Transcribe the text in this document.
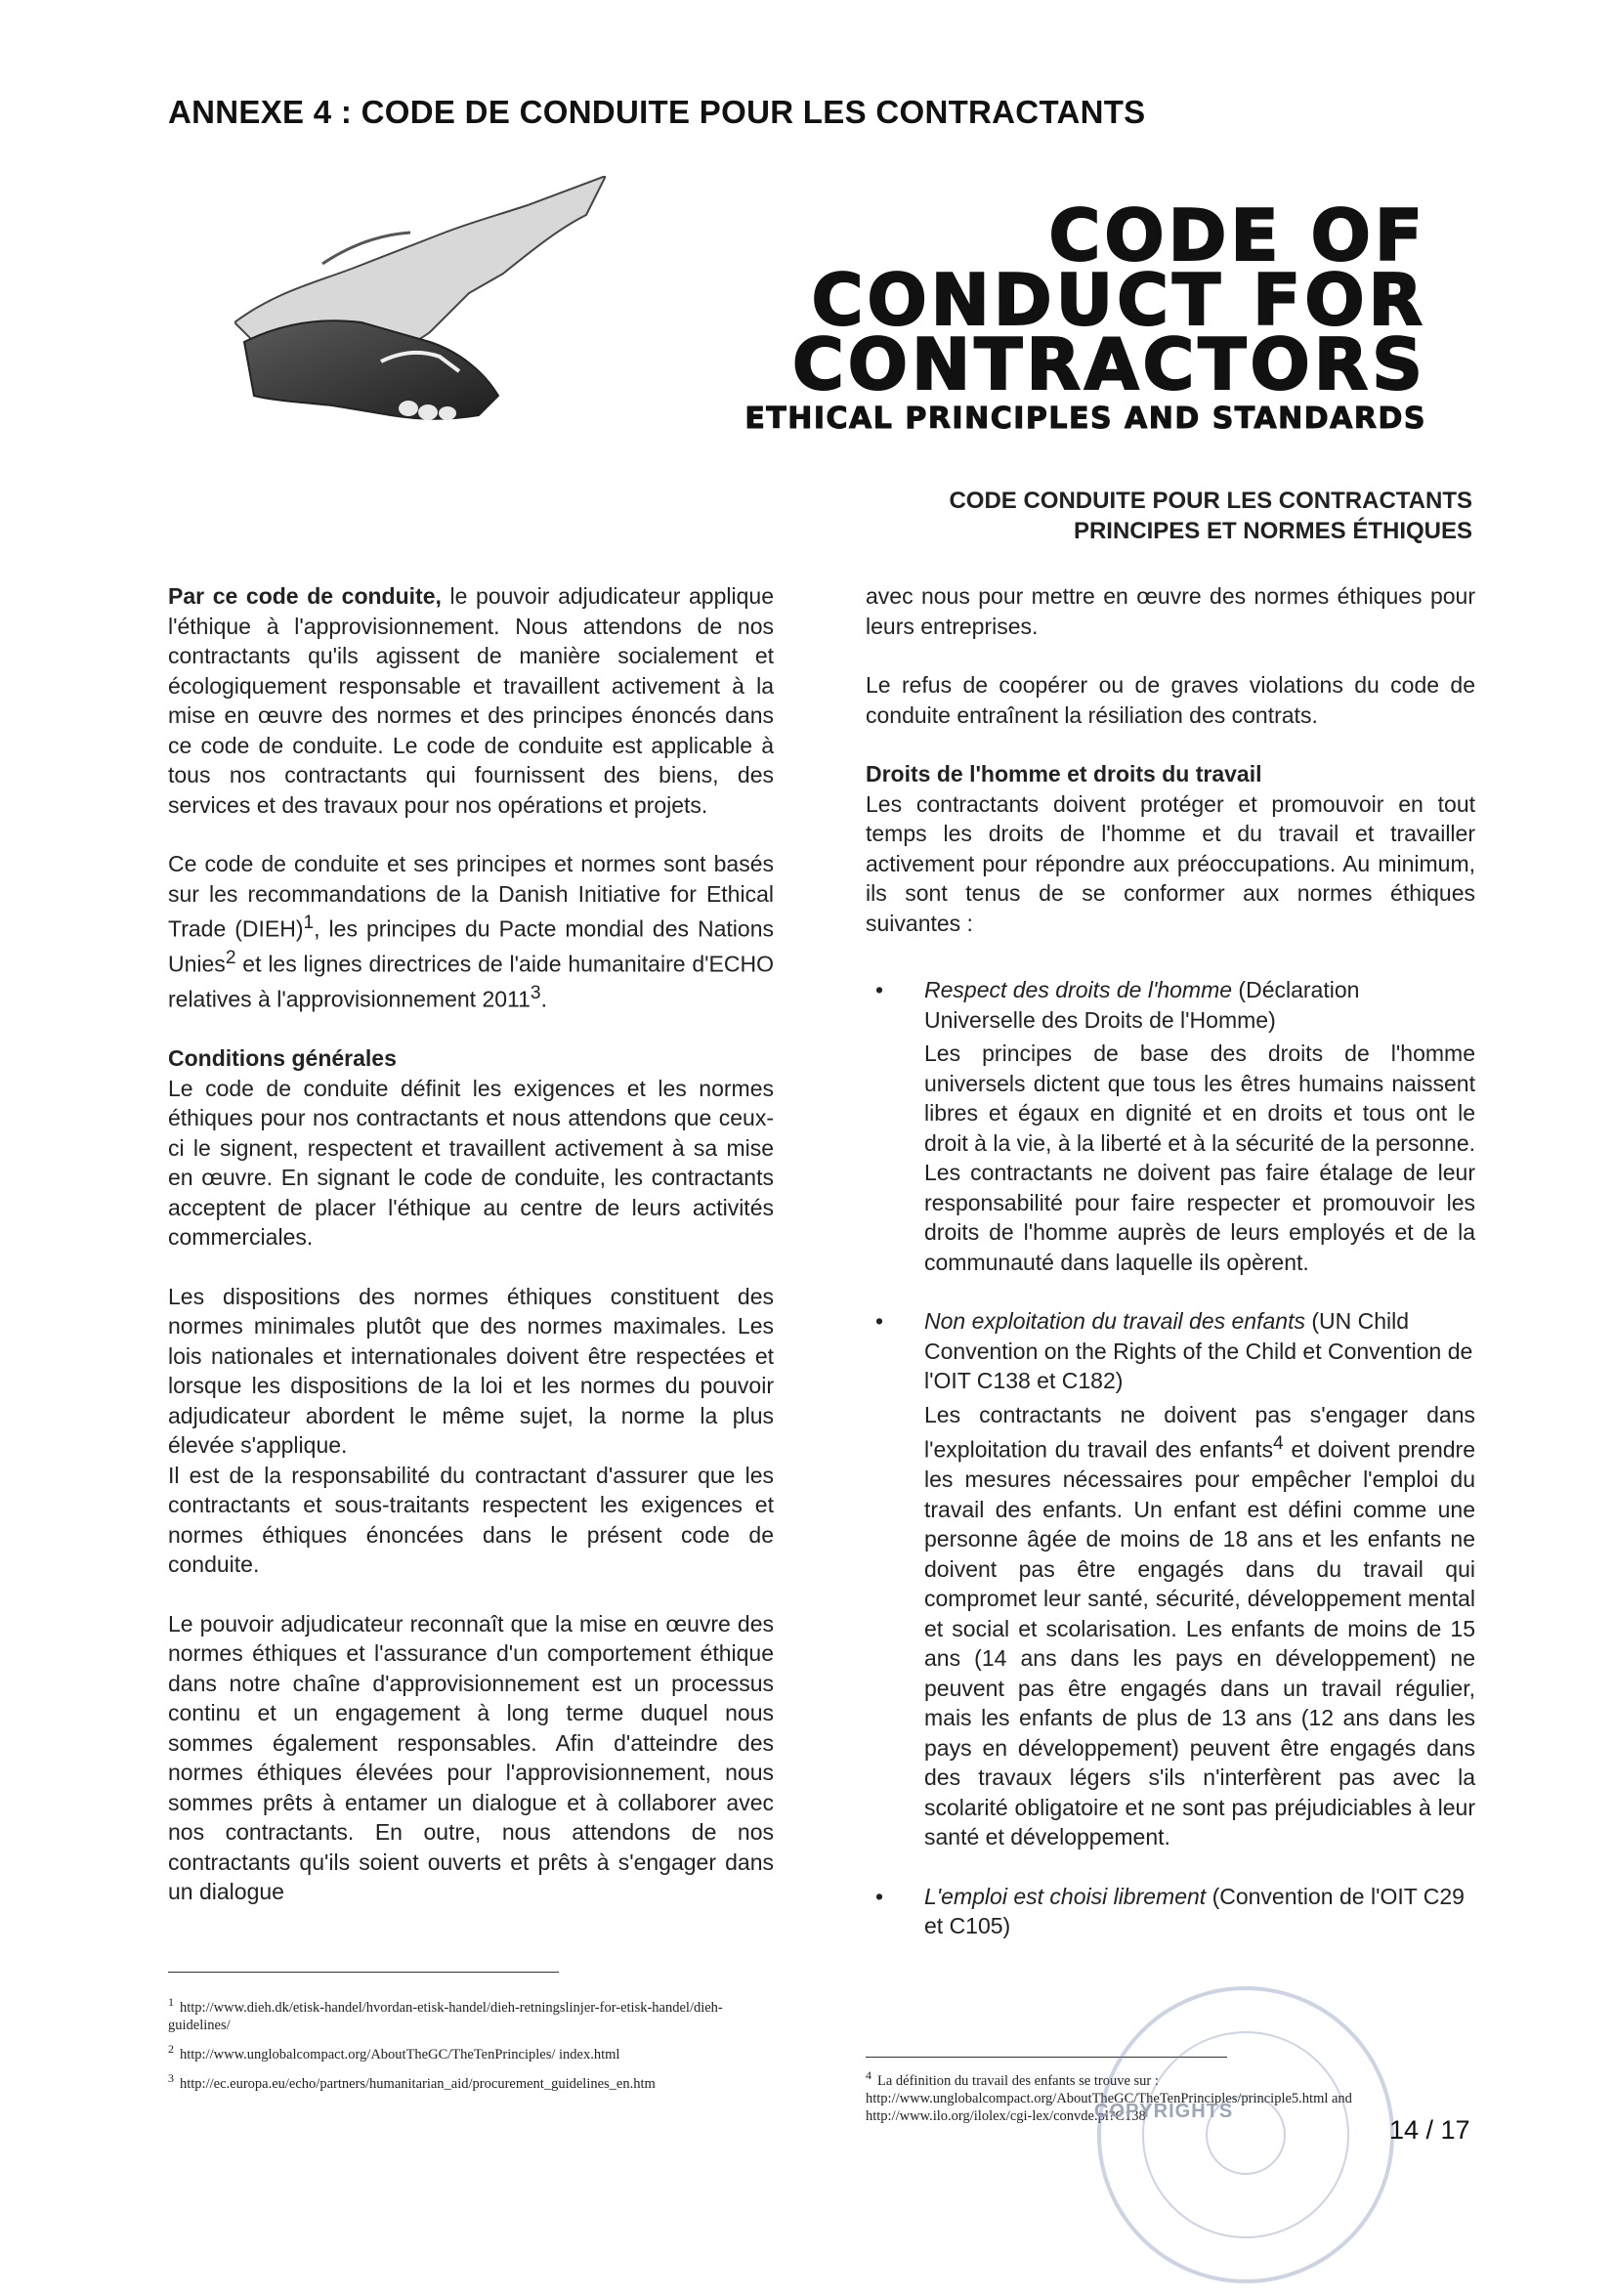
ANNEXE 4 : CODE DE CONDUITE POUR LES CONTRACTANTS
CODE OF
CONDUCT FOR
CONTRACTORS
ETHICAL PRINCIPLES AND STANDARDS
CODE CONDUITE POUR LES CONTRACTANTS
PRINCIPES ET NORMES ÉTHIQUES

Par ce code de conduite, le pouvoir adjudicateur applique l'éthique à l'approvisionnement. Nous attendons de nos contractants qu'ils agissent de manière socialement et écologiquement responsable et travaillent activement à la mise en œuvre des normes et des principes énoncés dans ce code de conduite. Le code de conduite est applicable à tous nos contractants qui fournissent des biens, des services et des travaux pour nos opérations et projets.

Ce code de conduite et ses principes et normes sont basés sur les recommandations de la Danish Initiative for Ethical Trade (DIEH)$^1$, les principes du Pacte mondial des Nations Unies$^2$ et les lignes directrices de l'aide humanitaire d'ECHO relatives à l'approvisionnement 2011$^3$.

Conditions générales

Le code de conduite définit les exigences et les normes éthiques pour nos contractants et nous attendons que ceux-ci le signent, respectent et travaillent activement à sa mise en œuvre. En signant le code de conduite, les contractants acceptent de placer l'éthique au centre de leurs activités commerciales.

Les dispositions des normes éthiques constituent des normes minimales plutôt que des normes maximales. Les lois nationales et internationales doivent être respectées et lorsque les dispositions de la loi et les normes du pouvoir adjudicateur abordent le même sujet, la norme la plus élevée s'applique.

Il est de la responsabilité du contractant d'assurer que les contractants et sous-traitants respectent les exigences et normes éthiques énoncées dans le présent code de conduite.

Le pouvoir adjudicateur reconnaît que la mise en œuvre des normes éthiques et l'assurance d'un comportement éthique dans notre chaîne d'approvisionnement est un processus continu et un engagement à long terme duquel nous sommes également responsables. Afin d'atteindre des normes éthiques élevées pour l'approvisionnement, nous sommes prêts à entamer un dialogue et à collaborer avec nos contractants. En outre, nous attendons de nos contractants qu'ils soient ouverts et prêts à s'engager dans un dialogue

avec nous pour mettre en œuvre des normes éthiques pour leurs entreprises.

Le refus de coopérer ou de graves violations du code de conduite entraînent la résiliation des contrats.

Droits de l'homme et droits du travail

Les contractants doivent protéger et promouvoir en tout temps les droits de l'homme et du travail et travailler activement pour répondre aux préoccupations. Au minimum, ils sont tenus de se conformer aux normes éthiques suivantes :

• Respect des droits de l'homme (Déclaration Universelle des Droits de l'Homme)
Les principes de base des droits de l'homme universels dictent que tous les êtres humains naissent libres et égaux en dignité et en droits et tous ont le droit à la vie, à la liberté et à la sécurité de la personne. Les contractants ne doivent pas faire étalage de leur responsabilité pour faire respecter et promouvoir les droits de l'homme auprès de leurs employés et de la communauté dans laquelle ils opèrent.
• Non exploitation du travail des enfants (UN Child Convention on the Rights of the Child et Convention de l'OIT C138 et C182)
Les contractants ne doivent pas s'engager dans l'exploitation du travail des enfants$^4$ et doivent prendre les mesures nécessaires pour empêcher l'emploi du travail des enfants. Un enfant est défini comme une personne âgée de moins de 18 ans et les enfants ne doivent pas être engagés dans du travail qui compromet leur santé, sécurité, développement mental et social et scolarisation. Les enfants de moins de 15 ans (14 ans dans les pays en développement) ne peuvent pas être engagés dans un travail régulier, mais les enfants de plus de 13 ans (12 ans dans les pays en développement) peuvent être engagés dans des travaux légers s'ils n'interfèrent pas avec la scolarité obligatoire et ne sont pas préjudiciables à leur santé et développement.
• L'emploi est choisi librement (Convention de l'OIT C29 et C105)
$^1$ http://www.dieh.dk/etisk-handel/hvordan-etisk-handel/dieh-retningslinjer-for-etisk-handel/dieh-guidelines/
$^2$ http://www.unglobalcompact.org/AboutTheGC/TheTenPrinciples/ index.html
$^3$ http://ec.europa.eu/echo/partners/humanitarian_aid/procurement_guidelines_en.htm
$^4$ La définition du travail des enfants se trouve sur : http://www.unglobalcompact.org/AboutTheGC/TheTenPrinciples/principle5.html and http://www.ilo.org/ilolex/cgi-lex/convde.pl?C138
COPYRIGHTS
14 / 17
